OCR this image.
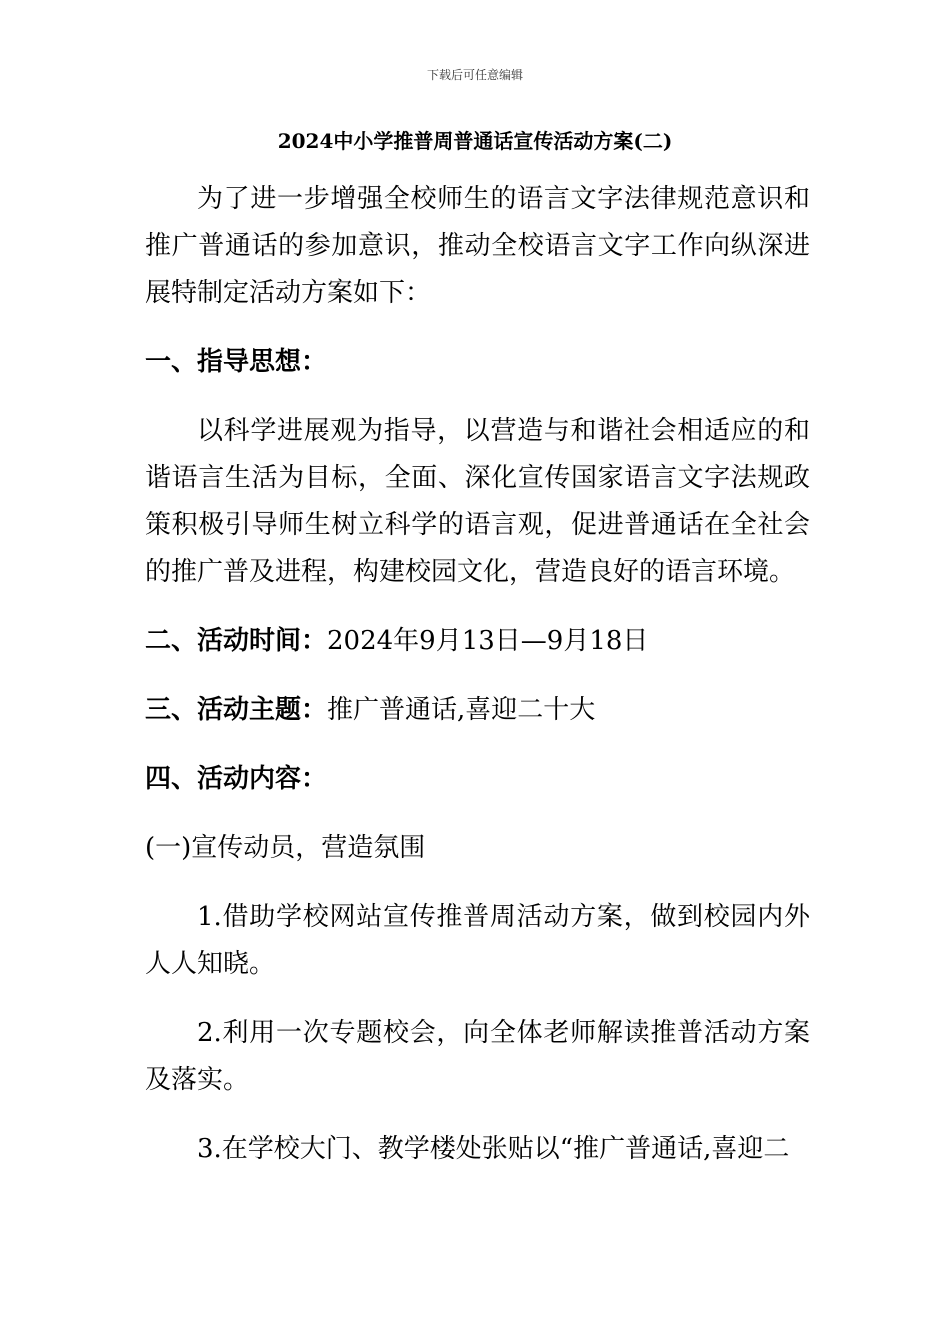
下载后可任意编辑
2024中小学推普周普通话宣传活动方案(二)

为了进一步增强全校师生的语言文字法律规范意识和推广普通话的参加意识，推动全校语言文字工作向纵深进展特制定活动方案如下：

一、指导思想：

以科学进展观为指导，以营造与和谐社会相适应的和谐语言生活为目标，全面、深化宣传国家语言文字法规政策积极引导师生树立科学的语言观，促进普通话在全社会的推广普及进程，构建校园文化，营造良好的语言环境。

二、活动时间：2024年9月13日—9月18日

三、活动主题：推广普通话,喜迎二十大

四、活动内容：

(一)宣传动员，营造氛围

1.借助学校网站宣传推普周活动方案，做到校园内外人人知晓。

2.利用一次专题校会，向全体老师解读推普活动方案及落实。

3.在学校大门、教学楼处张贴以“推广普通话,喜迎二
